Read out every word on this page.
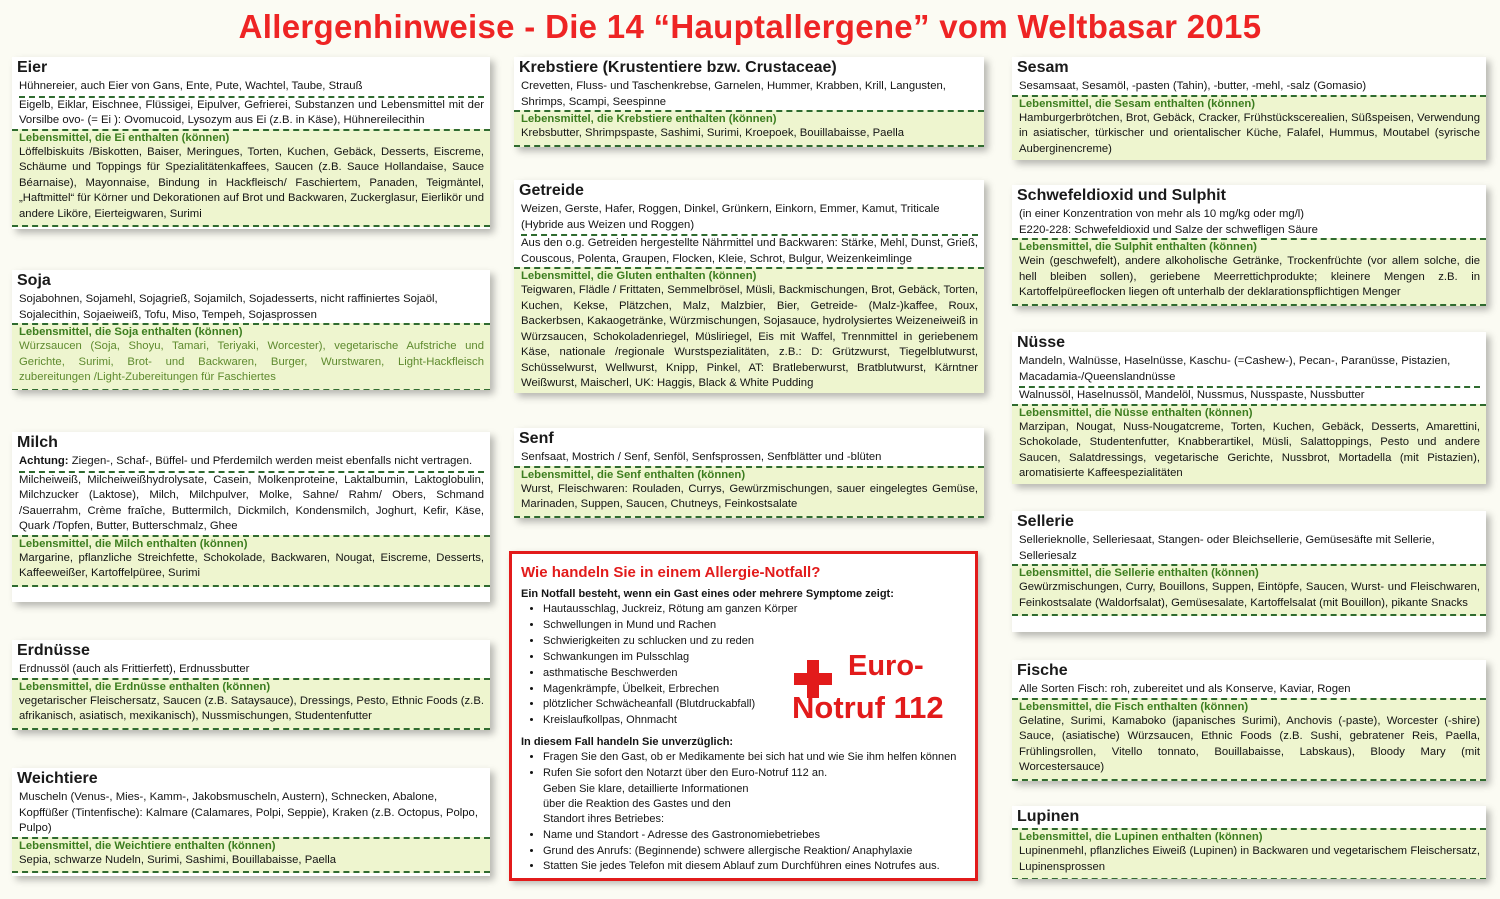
Allergenhinweise - Die 14 “Hauptallergene” vom Weltbasar 2015
Eier

Hühnereier, auch Eier von Gans, Ente, Pute, Wachtel, Taube, Strauß

Eigelb, Eiklar, Eischnee, Flüssigei, Eipulver, Gefrierei, Substanzen und Lebensmittel mit der Vorsilbe ovo- (= Ei ): Ovomucoid, Lysozym aus Ei (z.B. in Käse), Hühnereilecithin

Lebensmittel, die Ei enthalten (können)

Löffelbiskuits /Biskotten, Baiser, Meringues, Torten, Kuchen, Gebäck, Desserts, Eiscreme, Schäume und Toppings für Spezialitätenkaffees, Saucen (z.B. Sauce Hollandaise, Sauce Béarnaise), Mayonnaise, Bindung in Hackfleisch/ Faschiertem, Panaden, Teigmäntel, „Haftmittel“ für Körner und Dekorationen auf Brot und Backwaren, Zuckerglasur, Eierlikör und andere Liköre, Eierteigwaren, Surimi

Soja

Sojabohnen, Sojamehl, Sojagrieß, Sojamilch, Sojadesserts, nicht raffiniertes Sojaöl, Sojalecithin, Sojaeiweiß, Tofu, Miso, Tempeh, Sojasprossen

Lebensmittel, die Soja enthalten (können)

Würzsaucen (Soja, Shoyu, Tamari, Teriyaki, Worcester), vegetarische Aufstriche und Gerichte, Surimi, Brot- und Backwaren, Burger, Wurstwaren, Light-Hackfleisch zubereitungen /Light-Zubereitungen für Faschiertes

Milch

Achtung: Ziegen-, Schaf-, Büffel- und Pferdemilch werden meist ebenfalls nicht vertragen.

Milcheiweiß, Milcheiweißhydrolysate, Casein, Molkenproteine, Laktalbumin, Laktoglobulin, Milchzucker (Laktose), Milch, Milchpulver, Molke, Sahne/ Rahm/ Obers, Schmand /Sauerrahm, Crème fraîche, Buttermilch, Dickmilch, Kondensmilch, Joghurt, Kefir, Käse, Quark /Topfen, Butter, Butterschmalz, Ghee

Lebensmittel, die Milch enthalten (können)

Margarine, pflanzliche Streichfette, Schokolade, Backwaren, Nougat, Eiscreme, Desserts, Kaffeeweißer, Kartoffelpüree, Surimi

Erdnüsse

Erdnussöl (auch als Frittierfett), Erdnussbutter

Lebensmittel, die Erdnüsse enthalten (können)

vegetarischer Fleischersatz, Saucen (z.B. Sataysauce), Dressings, Pesto, Ethnic Foods (z.B. afrikanisch, asiatisch, mexikanisch), Nussmischungen, Studentenfutter

Weichtiere

Muscheln (Venus-, Mies-, Kamm-, Jakobsmuscheln, Austern), Schnecken, Abalone, Kopffüßer (Tintenfische): Kalmare (Calamares, Polpi, Seppie), Kraken (z.B. Octopus, Polpo, Pulpo)

Lebensmittel, die Weichtiere enthalten (können)

Sepia, schwarze Nudeln, Surimi, Sashimi, Bouillabaisse, Paella

Krebstiere (Krustentiere bzw. Crustaceae)

Crevetten, Fluss- und Taschenkrebse, Garnelen, Hummer, Krabben, Krill, Langusten, Shrimps, Scampi, Seespinne

Lebensmittel, die Krebstiere enthalten (können)

Krebsbutter, Shrimpspaste, Sashimi, Surimi, Kroepoek, Bouillabaisse, Paella

Getreide

Weizen, Gerste, Hafer, Roggen, Dinkel, Grünkern, Einkorn, Emmer, Kamut, Triticale (Hybride aus Weizen und Roggen)

Aus den o.g. Getreiden hergestellte Nährmittel und Backwaren: Stärke, Mehl, Dunst, Grieß, Couscous, Polenta, Graupen, Flocken, Kleie, Schrot, Bulgur, Weizenkeimlinge

Lebensmittel, die Gluten enthalten (können)

Teigwaren, Flädle / Frittaten, Semmelbrösel, Müsli, Backmischungen, Brot, Gebäck, Torten, Kuchen, Kekse, Plätzchen, Malz, Malzbier, Bier, Getreide- (Malz-)kaffee, Roux, Backerbsen, Kakaogetränke, Würzmischungen, Sojasauce, hydrolysiertes Weizeneiweiß in Würzsaucen, Schokoladenriegel, Müsliriegel, Eis mit Waffel, Trennmittel in geriebenem Käse, nationale /regionale Wurstspezialitäten, z.B.: D: Grützwurst, Tiegelblutwurst, Schüsselwurst, Wellwurst, Knipp, Pinkel, AT: Bratleberwurst, Bratblutwurst, Kärntner Weißwurst, Maischerl, UK: Haggis, Black & White Pudding

Senf

Senfsaat, Mostrich / Senf, Senföl, Senfsprossen, Senfblätter und -blüten

Lebensmittel, die Senf enthalten (können)

Wurst, Fleischwaren: Rouladen, Currys, Gewürzmischungen, sauer eingelegtes Gemüse, Marinaden, Suppen, Saucen, Chutneys, Feinkostsalate

Wie handeln Sie in einem Allergie-Notfall?

Ein Notfall besteht, wenn ein Gast eines oder mehrere Symptome zeigt:

• Hautausschlag, Juckreiz, Rötung am ganzen Körper
• Schwellungen in Mund und Rachen
• Schwierigkeiten zu schlucken und zu reden
• Schwankungen im Pulsschlag
• asthmatische Beschwerden
• Magenkrämpfe, Übelkeit, Erbrechen
• plötzlicher Schwächeanfall (Blutdruckabfall)
• Kreislaufkollpas, Ohnmacht

In diesem Fall handeln Sie unverzüglich:

• Fragen Sie den Gast, ob er Medikamente bei sich hat und wie Sie ihm helfen können
• Rufen Sie sofort den Notarzt über den Euro-Notruf 112 an.

Geben Sie klare, detaillierte Informationen über die Reaktion des Gastes und den Standort ihres Betriebes:

• Name und Standort - Adresse des Gastronomiebetriebes
• Grund des Anrufs: (Beginnende) schwere allergische Reaktion/ Anaphylaxie
• Statten Sie jedes Telefon mit diesem Ablauf zum Durchführen eines Notrufes aus.
Euro-
Notruf 112
Sesam

Sesamsaat, Sesamöl, -pasten (Tahin), -butter, -mehl, -salz (Gomasio)

Lebensmittel, die Sesam enthalten (können)

Hamburgerbrötchen, Brot, Gebäck, Cracker, Frühstückscerealien, Süßspeisen, Verwendung in asiatischer, türkischer und orientalischer Küche, Falafel, Hummus, Moutabel (syrische Auberginencreme)

Schwefeldioxid und Sulphit

(in einer Konzentration von mehr als 10 mg/kg oder mg/l)

E220-228: Schwefeldioxid und Salze der schwefligen Säure

Lebensmittel, die Sulphit enthalten (können)

Wein (geschwefelt), andere alkoholische Getränke, Trockenfrüchte (vor allem solche, die hell bleiben sollen), geriebene Meerrettichprodukte; kleinere Mengen z.B. in Kartoffelpüreeflocken liegen oft unterhalb der deklarationspflichtigen Menger

Nüsse

Mandeln, Walnüsse, Haselnüsse, Kaschu- (=Cashew-), Pecan-, Paranüsse, Pistazien, Macadamia-/Queenslandnüsse

Walnussöl, Haselnussöl, Mandelöl, Nussmus, Nusspaste, Nussbutter

Lebensmittel, die Nüsse enthalten (können)

Marzipan, Nougat, Nuss-Nougatcreme, Torten, Kuchen, Gebäck, Desserts, Amarettini, Schokolade, Studentenfutter, Knabberartikel, Müsli, Salattoppings, Pesto und andere Saucen, Salatdressings, vegetarische Gerichte, Nussbrot, Mortadella (mit Pistazien), aromatisierte Kaffeespezialitäten

Sellerie

Sellerieknolle, Selleriesaat, Stangen- oder Bleichsellerie, Gemüsesäfte mit Sellerie, Selleriesalz

Lebensmittel, die Sellerie enthalten (können)

Gewürzmischungen, Curry, Bouillons, Suppen, Eintöpfe, Saucen, Wurst- und Fleischwaren, Feinkostsalate (Waldorfsalat), Gemüsesalate, Kartoffelsalat (mit Bouillon), pikante Snacks

Fische

Alle Sorten Fisch: roh, zubereitet und als Konserve, Kaviar, Rogen

Lebensmittel, die Fisch enthalten (können)

Gelatine, Surimi, Kamaboko (japanisches Surimi), Anchovis (-paste), Worcester (-shire) Sauce, (asiatische) Würzsaucen, Ethnic Foods (z.B. Sushi, gebratener Reis, Paella, Frühlingsrollen, Vitello tonnato, Bouillabaisse, Labskaus), Bloody Mary (mit Worcestersauce)

Lupinen

Lebensmittel, die Lupinen enthalten (können)

Lupinenmehl, pflanzliches Eiweiß (Lupinen) in Backwaren und vegetarischem Fleischersatz, Lupinensprossen
